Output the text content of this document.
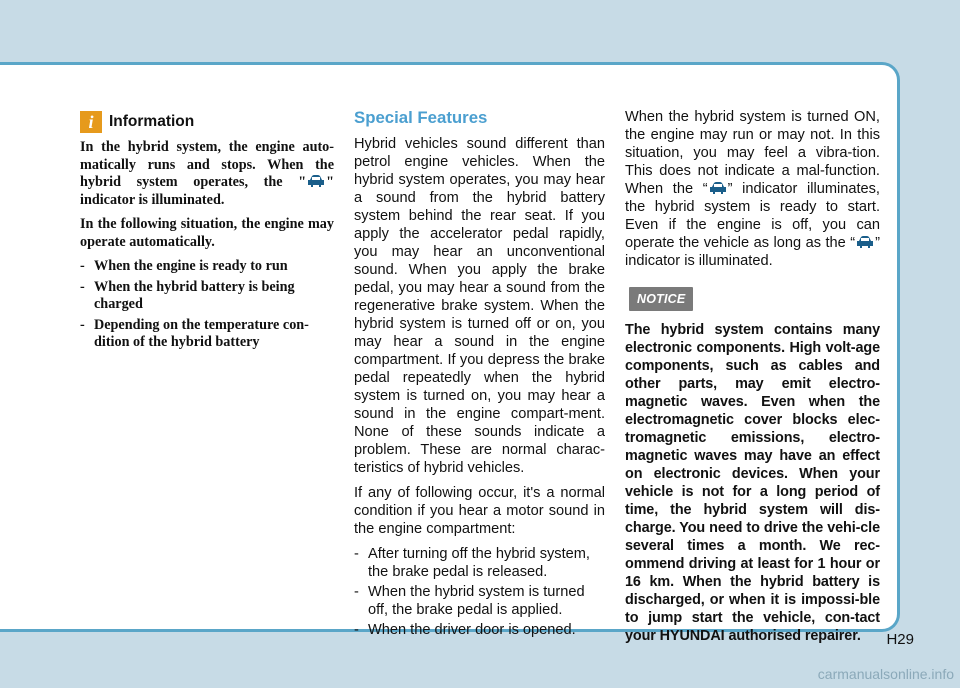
i	Information
In the hybrid system, the engine auto-matically runs and stops. When the hybrid system operates, the " " indicator is illuminated.
In the following situation, the engine may operate automatically.
- When the engine is ready to run
- When the hybrid battery is being charged
- Depending on the temperature con-dition of the hybrid battery
Special Features
Hybrid vehicles sound different than petrol engine vehicles. When the hybrid system operates, you may hear a sound from the hybrid battery system behind the rear seat. If you apply the accelerator pedal rapidly, you may hear an unconventional sound. When you apply the brake pedal, you may hear a sound from the regenerative brake system. When the hybrid system is turned off or on, you may hear a sound in the engine compartment. If you depress the brake pedal repeatedly when the hybrid system is turned on, you may hear a sound in the engine compart-ment. None of these sounds indicate a problem. These are normal charac-teristics of hybrid vehicles.
If any of following occur, it's a normal condition if you hear a motor sound in the engine compartment:
- After turning off the hybrid system, the brake pedal is released.
- When the hybrid system is turned off, the brake pedal is applied.
- When the driver door is opened.
When the hybrid system is turned ON, the engine may run or may not. In this situation, you may feel a vibra-tion. This does not indicate a mal-function. When the “ ” indicator illuminates, the hybrid system is ready to start. Even if the engine is off, you can operate the vehicle as long as the “ ” indicator is illuminated.
NOTICE
The hybrid system contains many electronic components. High volt-age components, such as cables and other parts, may emit electro-magnetic waves. Even when the electromagnetic cover blocks elec-tromagnetic emissions, electro-magnetic waves may have an effect on electronic devices. When your vehicle is not for a long period of time, the hybrid system will dis-charge. You need to drive the vehi-cle several times a month. We rec-ommend driving at least for 1 hour or 16 km. When the hybrid battery is discharged, or when it is impossi-ble to jump start the vehicle, con-tact your HYUNDAI authorised repairer.	H29
carmanualsonline.info
